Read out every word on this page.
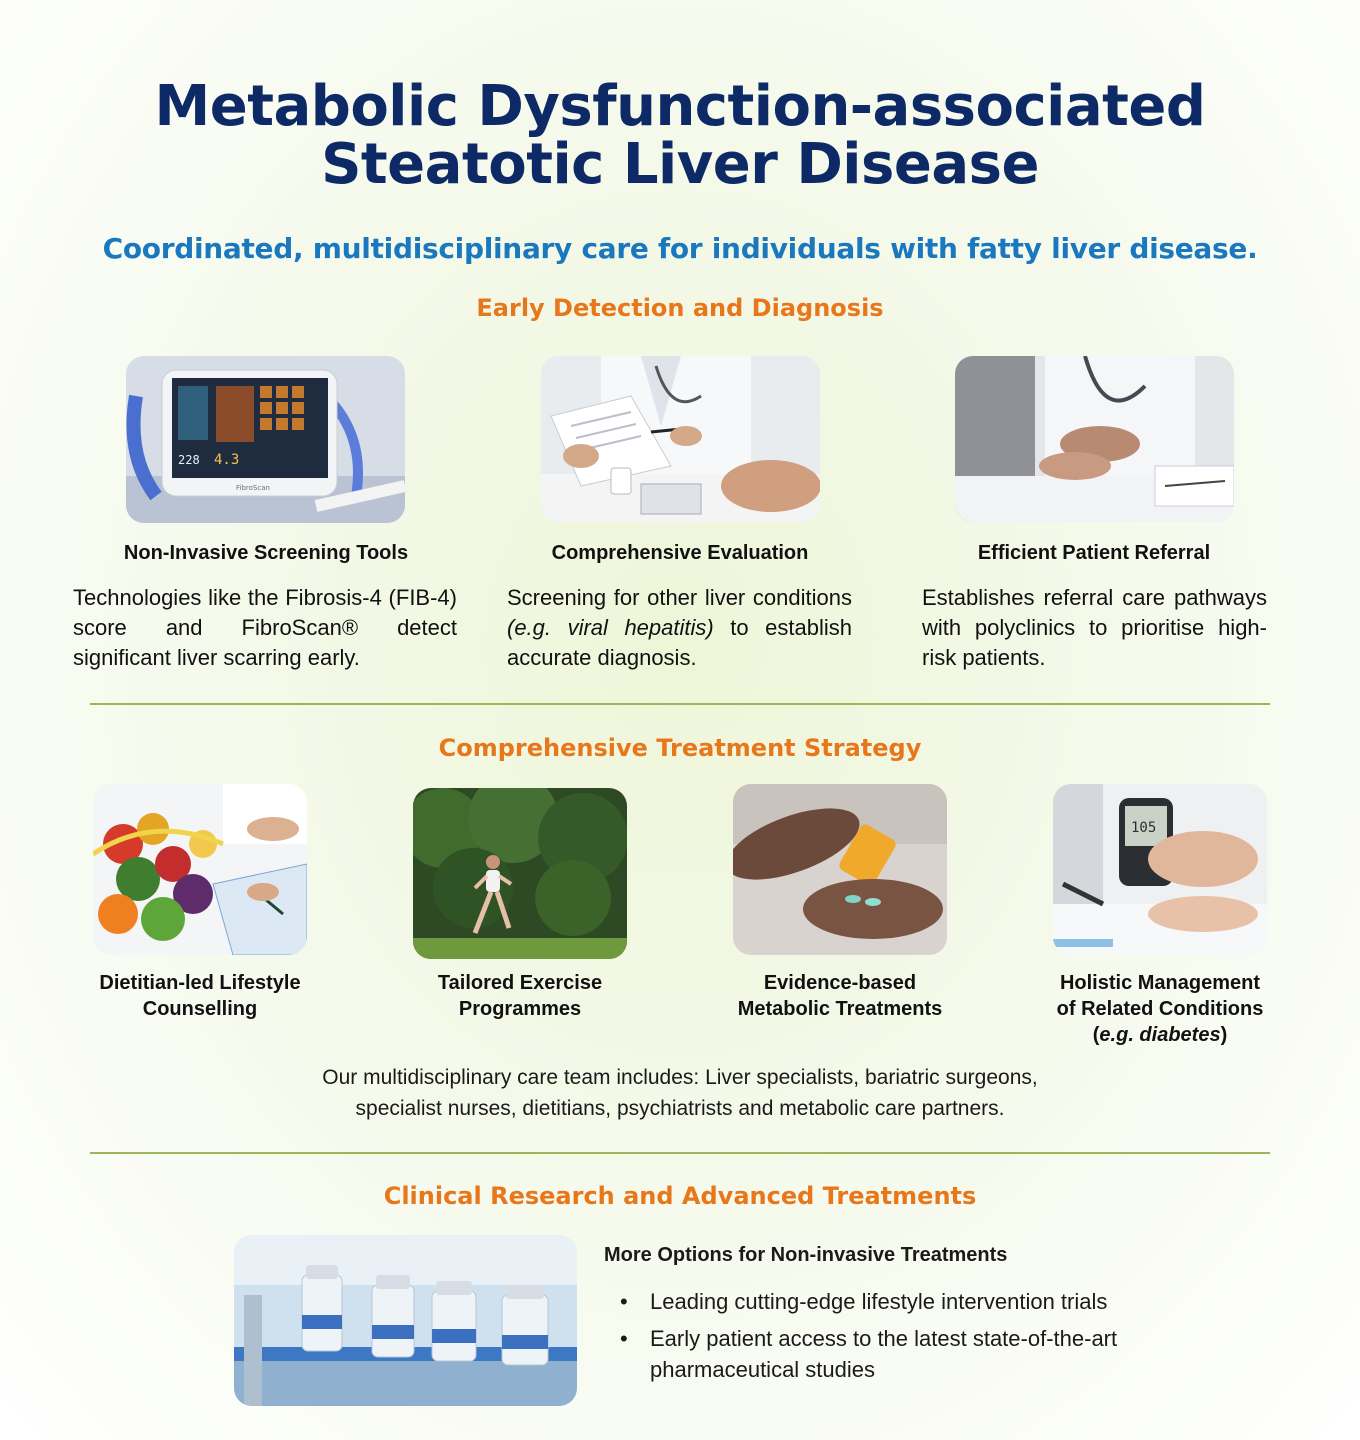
Metabolic Dysfunction-associated
Steatotic Liver Disease
Coordinated, multidisciplinary care for individuals with fatty liver disease.
Early Detection and Diagnosis
228 4.3
FibroScan
Non-Invasive Screening Tools	Comprehensive Evaluation	Efficient Patient Referral
Technologies like the Fibrosis-4 (FIB-4) score and FibroScan® detect significant liver scarring early.
Screening for other liver conditions (e.g. viral hepatitis) to establish accurate diagnosis.
Establishes referral care pathways with polyclinics to prioritise high-risk patients.
Comprehensive Treatment Strategy
105
Dietitian-led Lifestyle
Counselling
Tailored Exercise
Programmes
Evidence-based
Metabolic Treatments
Holistic Management
of Related Conditions
(e.g. diabetes)
Our multidisciplinary care team includes: Liver specialists, bariatric surgeons,
specialist nurses, dietitians, psychiatrists and metabolic care partners.
Clinical Research and Advanced Treatments
More Options for Non-invasive Treatments
• Leading cutting-edge lifestyle intervention trials
• Early patient access to the latest state-of-the-art pharmaceutical studies
